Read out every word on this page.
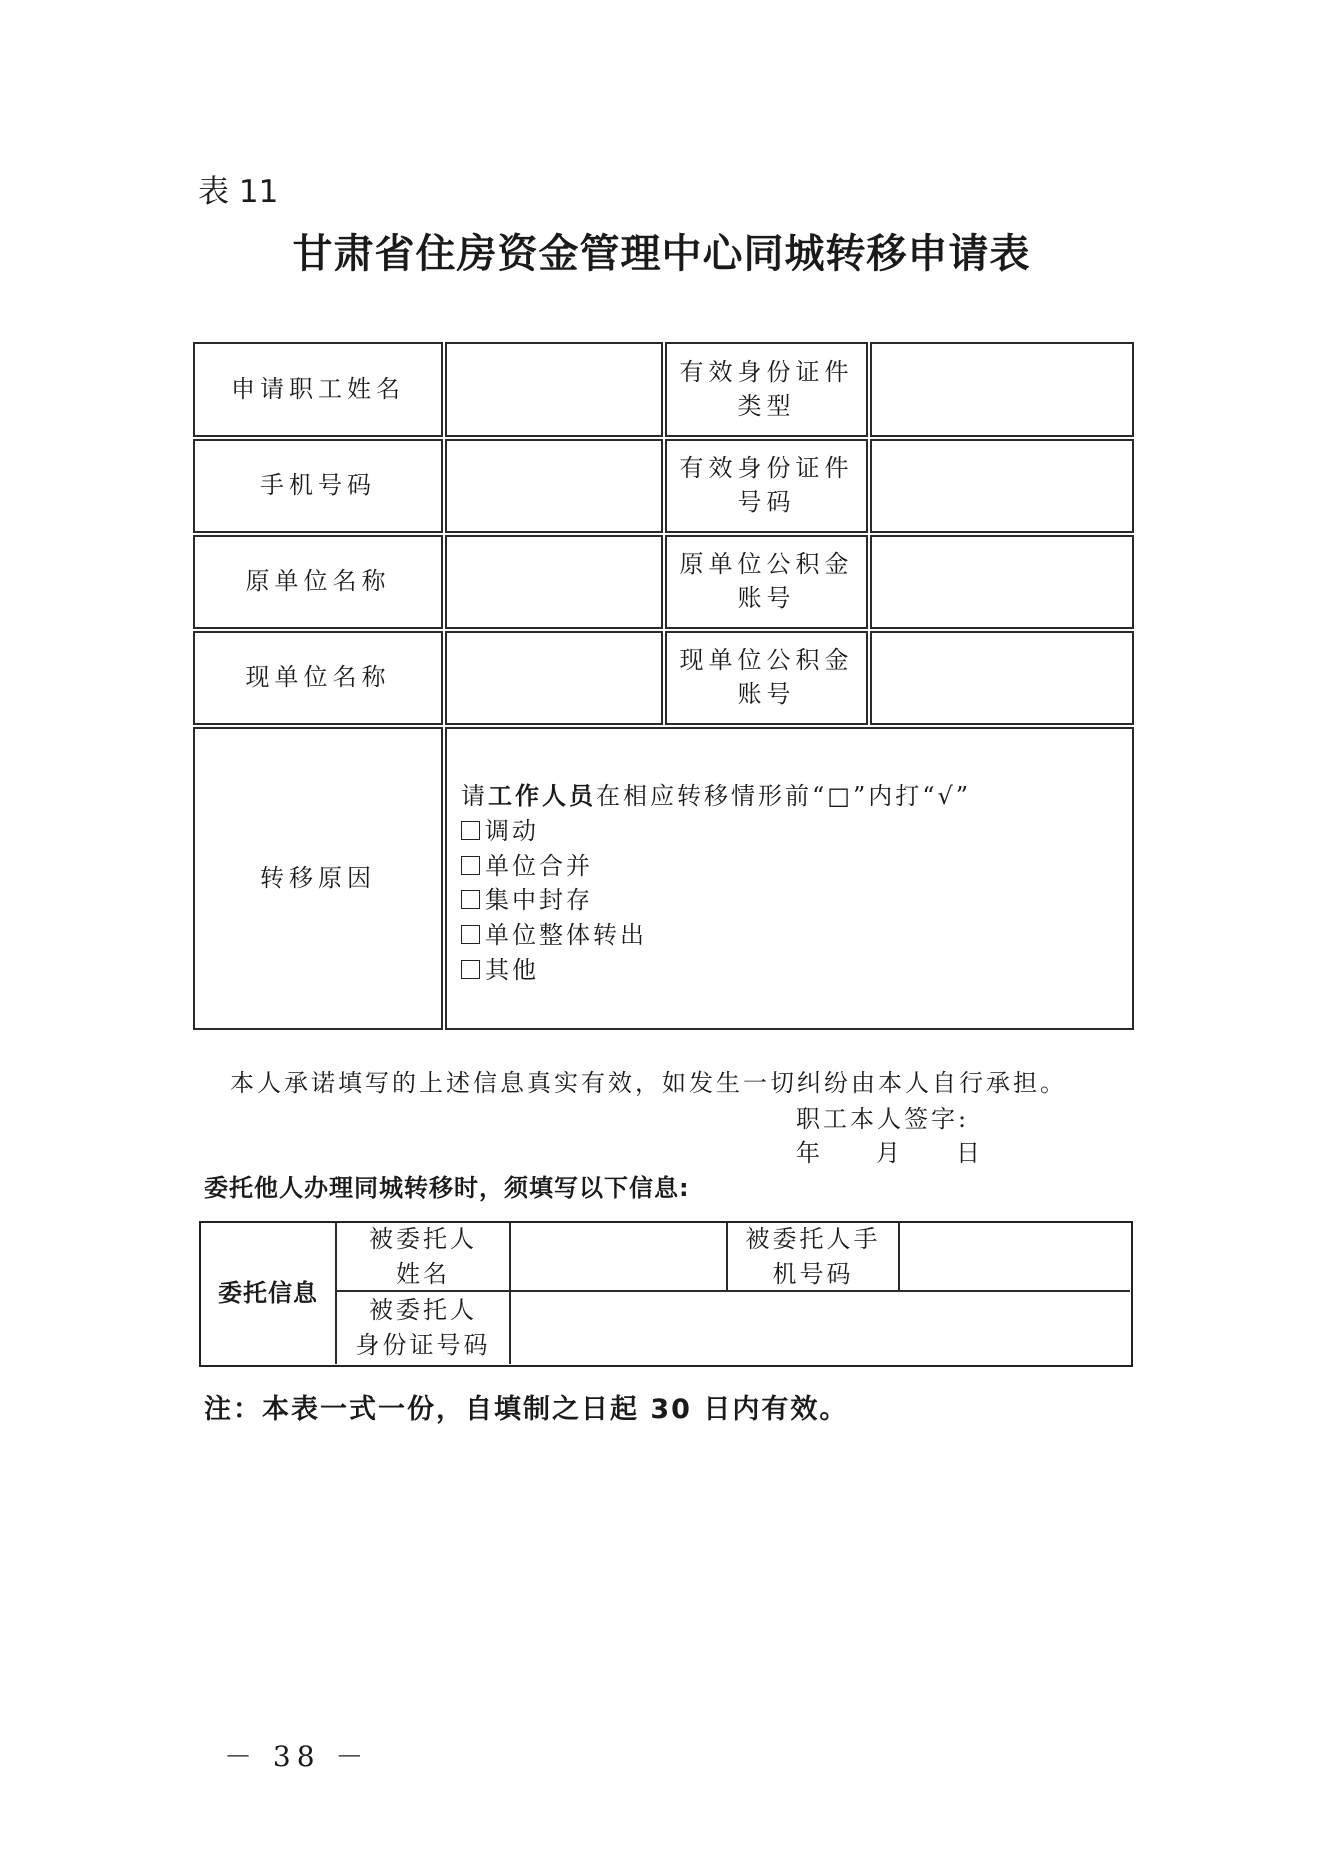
表 11
甘肃省住房资金管理中心同城转移申请表
申请职工姓名
有效身份证件
类型
手机号码
有效身份证件
号码
原单位名称
原单位公积金
账号
现单位名称
现单位公积金
账号
转移原因
请工作人员在相应转移情形前“□”内打“√”
调动
单位合并
集中封存
单位整体转出
其他
本人承诺填写的上述信息真实有效，如发生一切纠纷由本人自行承担。
职工本人签字:
年 月 日
委托他人办理同城转移时，须填写以下信息:
委托信息
被委托人
姓名
被委托人手
机号码
被委托人
身份证号码
注：本表一式一份，自填制之日起 30 日内有效。
－ 38 －
